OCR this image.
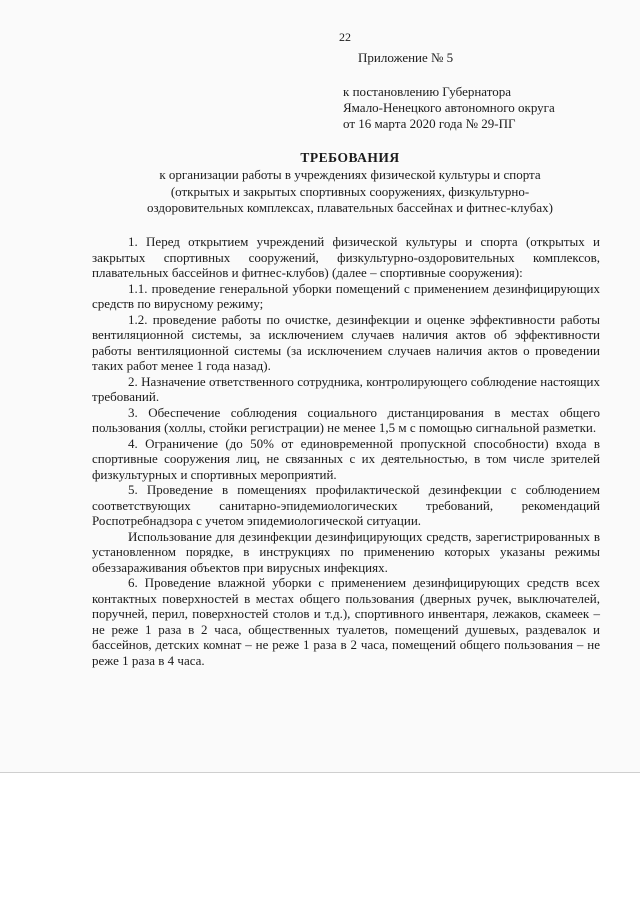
22
Приложение № 5
к постановлению Губернатора
Ямало-Ненецкого автономного округа
от 16 марта 2020 года № 29-ПГ
ТРЕБОВАНИЯ
к организации работы в учреждениях физической культуры и спорта
(открытых и закрытых спортивных сооружениях, физкультурно-
оздоровительных комплексах, плавательных бассейнах и фитнес-клубах)

1. Перед открытием учреждений физической культуры и спорта (открытых и закрытых спортивных сооружений, физкультурно-оздоровительных комплексов, плавательных бассейнов и фитнес-клубов) (далее – спортивные сооружения):

1.1. проведение генеральной уборки помещений с применением дезинфицирующих средств по вирусному режиму;

1.2. проведение работы по очистке, дезинфекции и оценке эффективности работы вентиляционной системы, за исключением случаев наличия актов об эффективности работы вентиляционной системы (за исключением случаев наличия актов о проведении таких работ менее 1 года назад).

2. Назначение ответственного сотрудника, контролирующего соблюдение настоящих требований.

3. Обеспечение соблюдения социального дистанцирования в местах общего пользования (холлы, стойки регистрации) не менее 1,5 м с помощью сигнальной разметки.

4. Ограничение (до 50% от единовременной пропускной способности) входа в спортивные сооружения лиц, не связанных с их деятельностью, в том числе зрителей физкультурных и спортивных мероприятий.

5. Проведение в помещениях профилактической дезинфекции с соблюдением соответствующих санитарно-эпидемиологических требований, рекомендаций Роспотребнадзора с учетом эпидемиологической ситуации.

Использование для дезинфекции дезинфицирующих средств, зарегистрированных в установленном порядке, в инструкциях по применению которых указаны режимы обеззараживания объектов при вирусных инфекциях.

6. Проведение влажной уборки с применением дезинфицирующих средств всех контактных поверхностей в местах общего пользования (дверных ручек, выключателей, поручней, перил, поверхностей столов и т.д.), спортивного инвентаря, лежаков, скамеек – не реже 1 раза в 2 часа, общественных туалетов, помещений душевых, раздевалок и бассейнов, детских комнат – не реже 1 раза в 2 часа, помещений общего пользования – не реже 1 раза в 4 часа.
